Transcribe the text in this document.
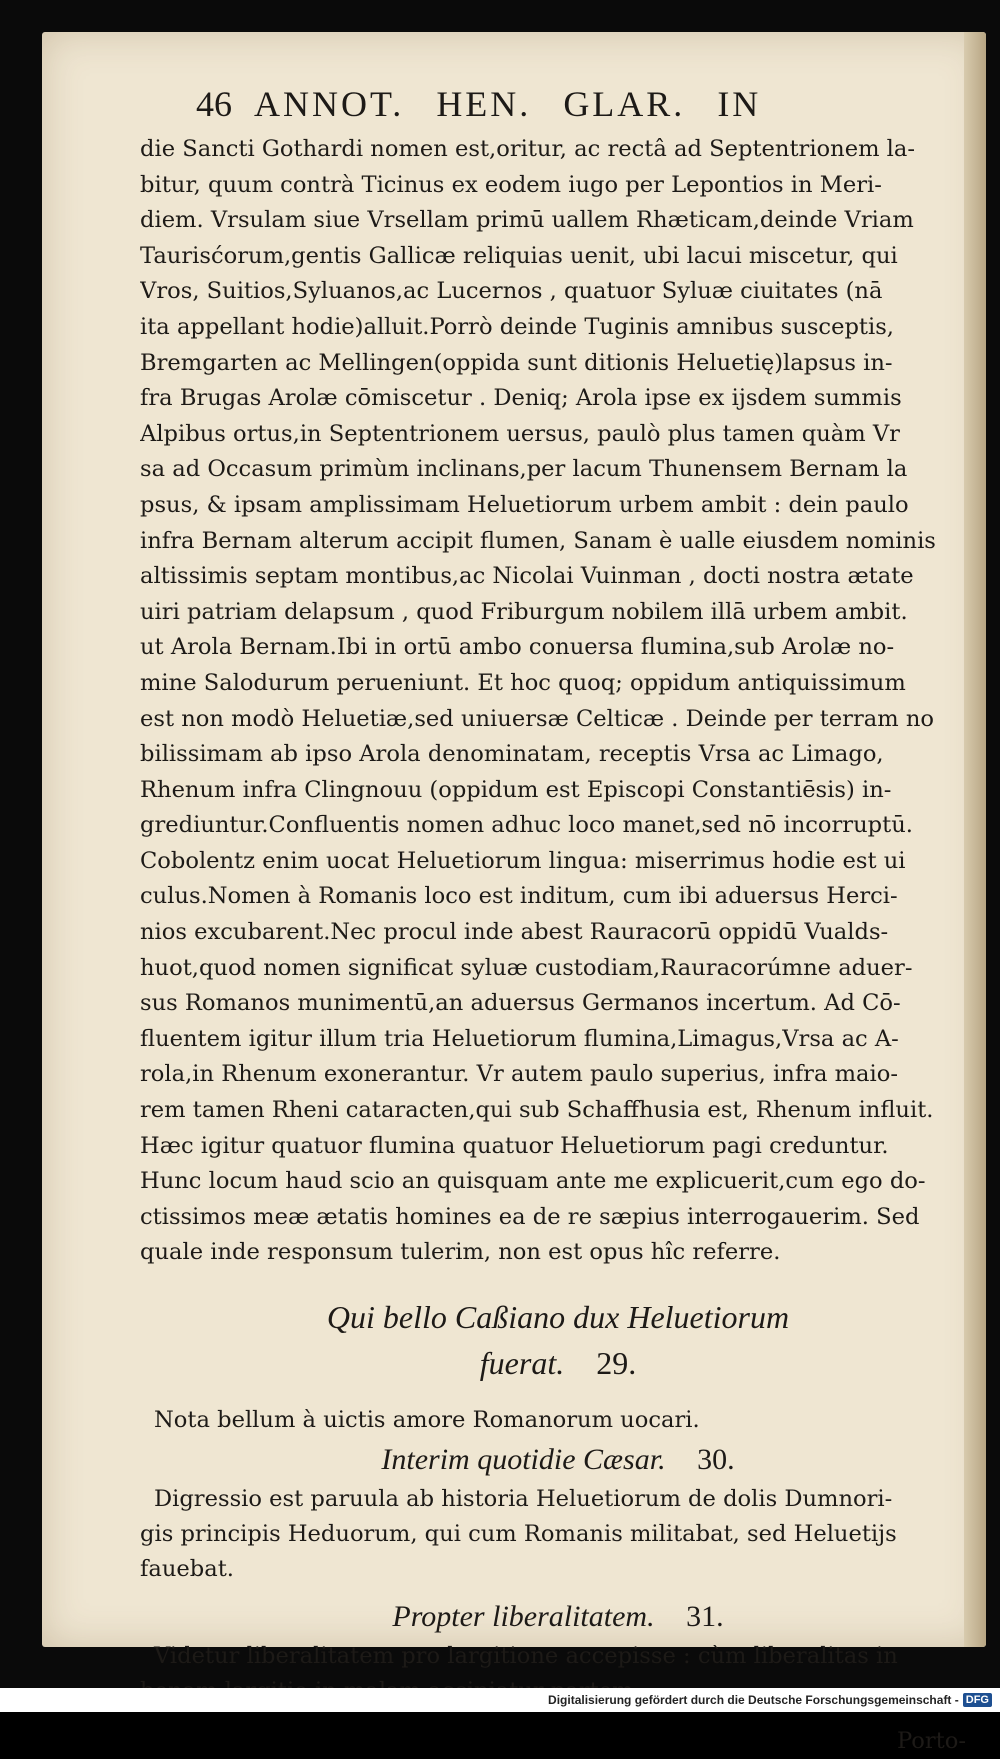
46 ANNOT. HEN. GLAR. IN

die Sancti Gothardi nomen est,oritur, ac rectâ ad Septentrionem la-
bitur, quum contrà Ticinus ex eodem iugo per Lepontios in Meri-
diem. Vrsulam siue Vrsellam primū uallem Rhæticam,deinde Vriam
Taurisćorum,gentis Gallicæ reliquias uenit, ubi lacui miscetur, qui
Vros, Suitios,Syluanos,ac Lucernos , quatuor Syluæ ciuitates (nā
ita appellant hodie)alluit.Porrò deinde Tuginis amnibus susceptis,
Bremgarten ac Mellingen(oppida sunt ditionis Heluetię)lapsus in-
fra Brugas Arolæ cōmiscetur . Deniq; Arola ipse ex ijsdem summis
Alpibus ortus,in Septentrionem uersus, paulò plus tamen quàm Vr
sa ad Occasum primùm inclinans,per lacum Thunensem Bernam la
psus, & ipsam amplissimam Heluetiorum urbem ambit : dein paulo
infra Bernam alterum accipit flumen, Sanam è ualle eiusdem nominis
altissimis septam montibus,ac Nicolai Vuinman , docti nostra ætate
uiri patriam delapsum , quod Friburgum nobilem illā urbem ambit.
ut Arola Bernam.Ibi in ortū ambo conuersa flumina,sub Arolæ no-
mine Salodurum perueniunt. Et hoc quoq; oppidum antiquissimum
est non modò Heluetiæ,sed uniuersæ Celticæ . Deinde per terram no
bilissimam ab ipso Arola denominatam, receptis Vrsa ac Limago,
Rhenum infra Clingnouu (oppidum est Episcopi Constantiēsis) in-
grediuntur.Confluentis nomen adhuc loco manet,sed nō incorruptū.
Cobolentz enim uocat Heluetiorum lingua: miserrimus hodie est ui
culus.Nomen à Romanis loco est inditum, cum ibi aduersus Herci-
nios excubarent.Nec procul inde abest Rauracorū oppidū Vualds-
huot,quod nomen significat syluæ custodiam,Rauracorúmne aduer-
sus Romanos munimentū,an aduersus Germanos incertum. Ad Cō-
fluentem igitur illum tria Heluetiorum flumina,Limagus,Vrsa ac A-
rola,in Rhenum exonerantur. Vr autem paulo superius, infra maio-
rem tamen Rheni cataracten,qui sub Schaffhusia est, Rhenum influit.
Hæc igitur quatuor flumina quatuor Heluetiorum pagi creduntur.
Hunc locum haud scio an quisquam ante me explicuerit,cum ego do-
ctissimos meæ ætatis homines ea de re sæpius interrogauerim. Sed
quale inde responsum tulerim, non est opus hîc referre.

Qui bello Caßiano dux Heluetiorum

fuerat. 29.

Nota bellum à uictis amore Romanorum uocari.

Interim quotidie Cæsar. 30.

Digressio est paruula ab historia Heluetiorum de dolis Dumnori-
gis principis Heduorum, qui cum Romanis militabat, sed Heluetijs
fauebat.

Propter liberalitatem. 31.

Videtur liberalitatem pro largitione accepisse : cùm liberalitas in

Porto-
Digitalisierung gefördert durch die Deutsche Forschungsgemeinschaft - DFG
